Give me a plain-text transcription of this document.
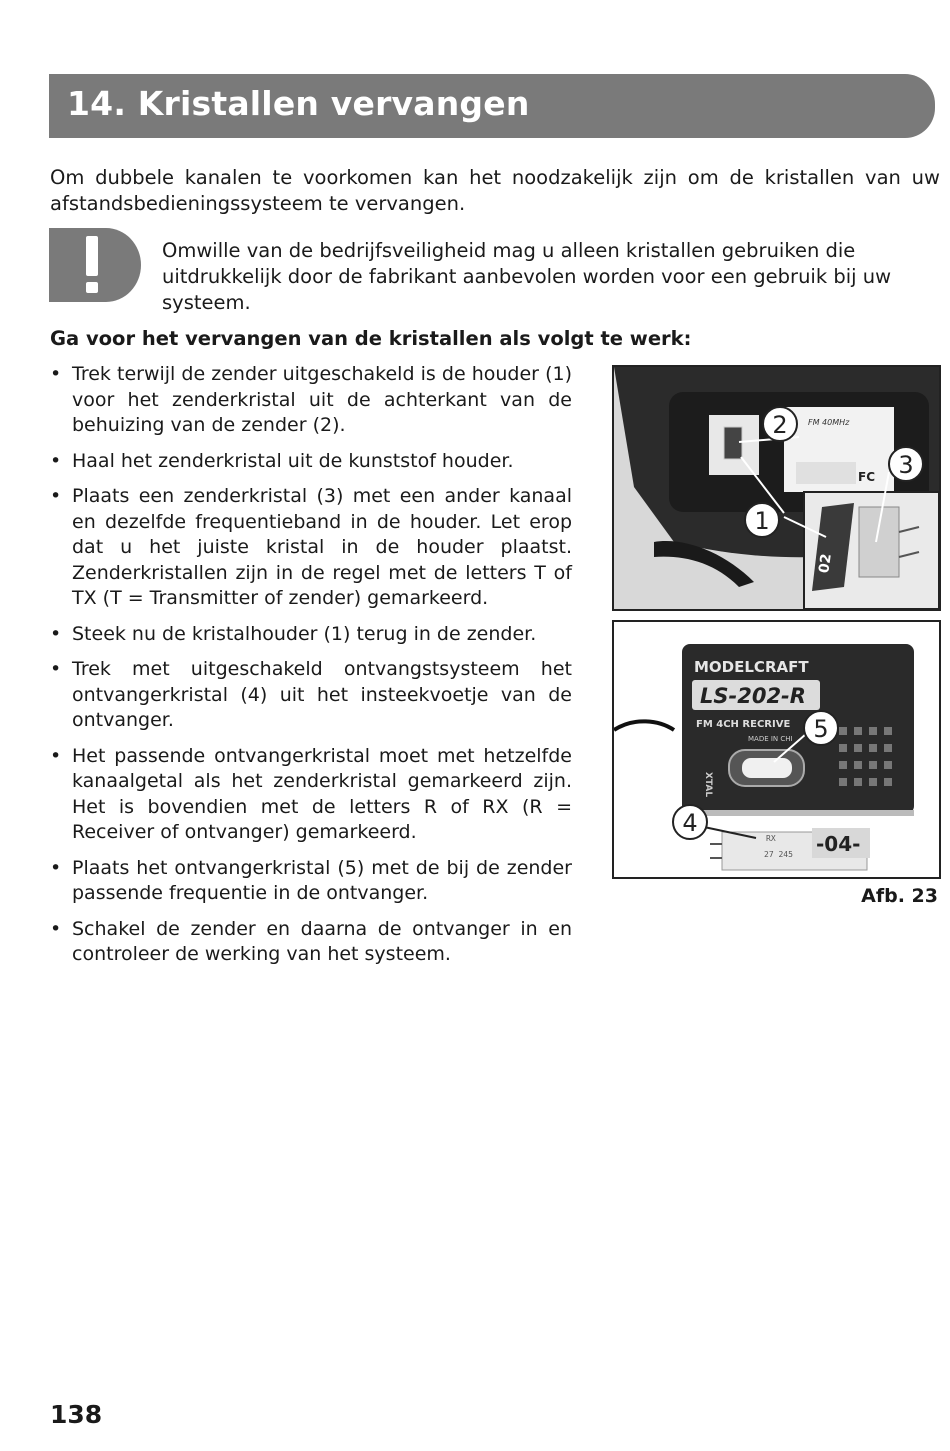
14. Kristallen vervangen

Om dubbele kanalen te voorkomen kan het noodzakelijk zijn om de kristallen van uw afstandsbedieningssysteem te vervangen.

Omwille van de bedrijfsveiligheid mag u alleen kristallen gebruiken die uitdrukkelijk door de fabrikant aanbevolen worden voor een gebruik bij uw systeem.

Ga voor het vervangen van de kristallen als volgt te werk:

• Trek terwijl de zender uitgeschakeld is de houder (1) voor het zenderkristal uit de achterkant van de behuizing van de zender (2).
• Haal het zenderkristal uit de kunststof houder.
• Plaats een zenderkristal (3) met een ander kanaal en dezelfde frequentieband in de houder. Let erop dat u het juiste kristal in de houder plaatst. Zenderkristallen zijn in de regel met de letters T of TX (T = Transmitter of zender) gemarkeerd.
• Steek nu de kristalhouder (1) terug in de zender.
• Trek met uitgeschakeld ontvangstsysteem het ontvangerkristal (4) uit het insteekvoetje van de ontvanger.
• Het passende ontvangerkristal moet met hetzelfde kanaalgetal als het zenderkristal gemarkeerd zijn. Het is bovendien met de letters R of RX (R = Receiver of ontvanger) gemarkeerd.
• Plaats het ontvangerkristal (5) met de bij de zender passende frequentie in de ontvanger.
• Schakel de zender en daarna de ontvanger in en controleer de werking van het systeem.
FM 40MHz
FC
02
2
3
1
MODELCRAFT
LS-202-R
FM 4CH RECRIVE
MADE IN CHI
XTAL
RX
27 245 -04-
5
4

Afb. 23

138
